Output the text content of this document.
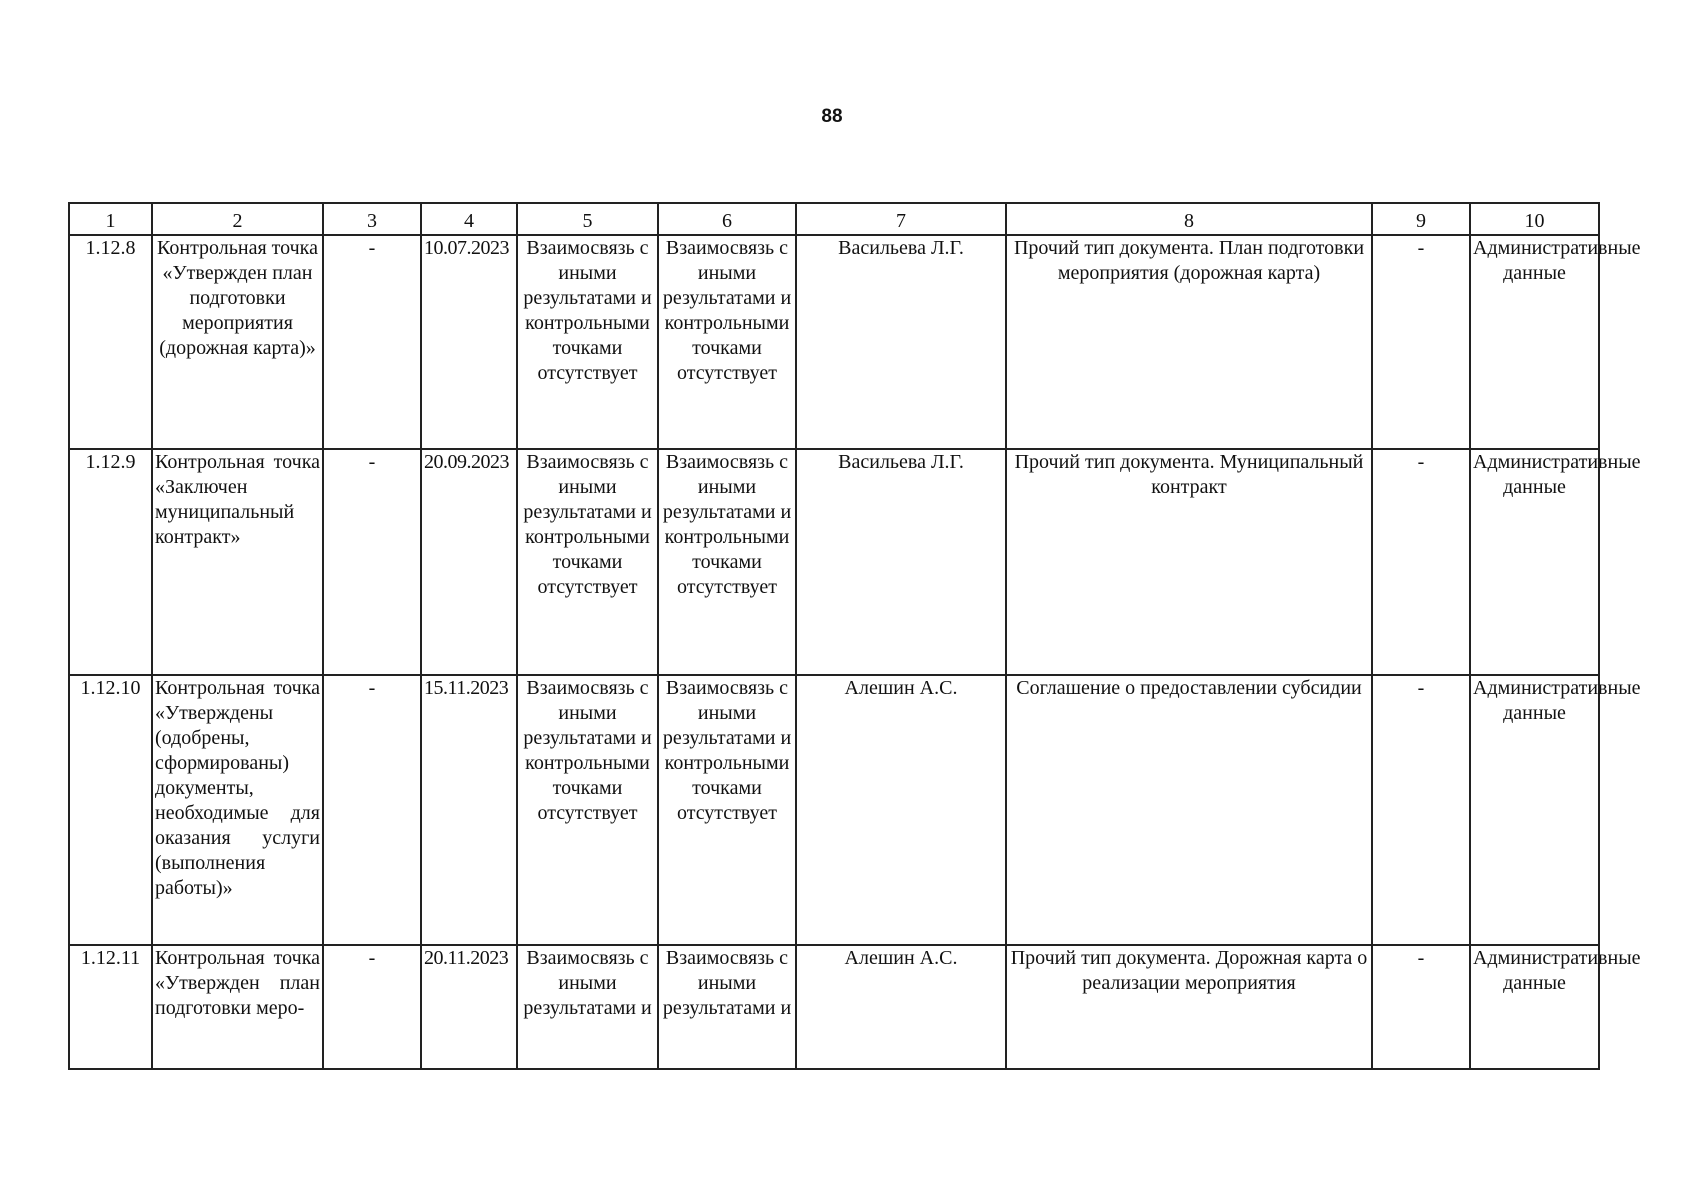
88
1	2	3	4	5	6	7	8	9	10
1.12.8	Контрольная точка «Утвержден план подготовки мероприятия (дорожная карта)»	-	10.07.2023	Взаимосвязь с иными результатами и контрольными точками отсутствует	Взаимосвязь с иными результатами и контрольными точками отсутствует	Васильева Л.Г.	Прочий тип документа. План подготовки мероприятия (дорожная карта)	-	Административные данные
1.12.9	Контрольная точка «Заключен муниципальный контракт»	-	20.09.2023	Взаимосвязь с иными результатами и контрольными точками отсутствует	Взаимосвязь с иными результатами и контрольными точками отсутствует	Васильева Л.Г.	Прочий тип документа. Муниципальный контракт	-	Административные данные
1.12.10	Контрольная точка «Утверждены (одобрены, сформированы) документы, необходимые для оказания услуги (выполнения работы)»	-	15.11.2023	Взаимосвязь с иными результатами и контрольными точками отсутствует	Взаимосвязь с иными результатами и контрольными точками отсутствует	Алешин А.С.	Соглашение о предоставлении субсидии	-	Административные данные
1.12.11	Контрольная точка «Утвержден план подготовки меро-	-	20.11.2023	Взаимосвязь с иными результатами и	Взаимосвязь с иными результатами и	Алешин А.С.	Прочий тип документа. Дорожная карта о реализации мероприятия	-	Административные данные
